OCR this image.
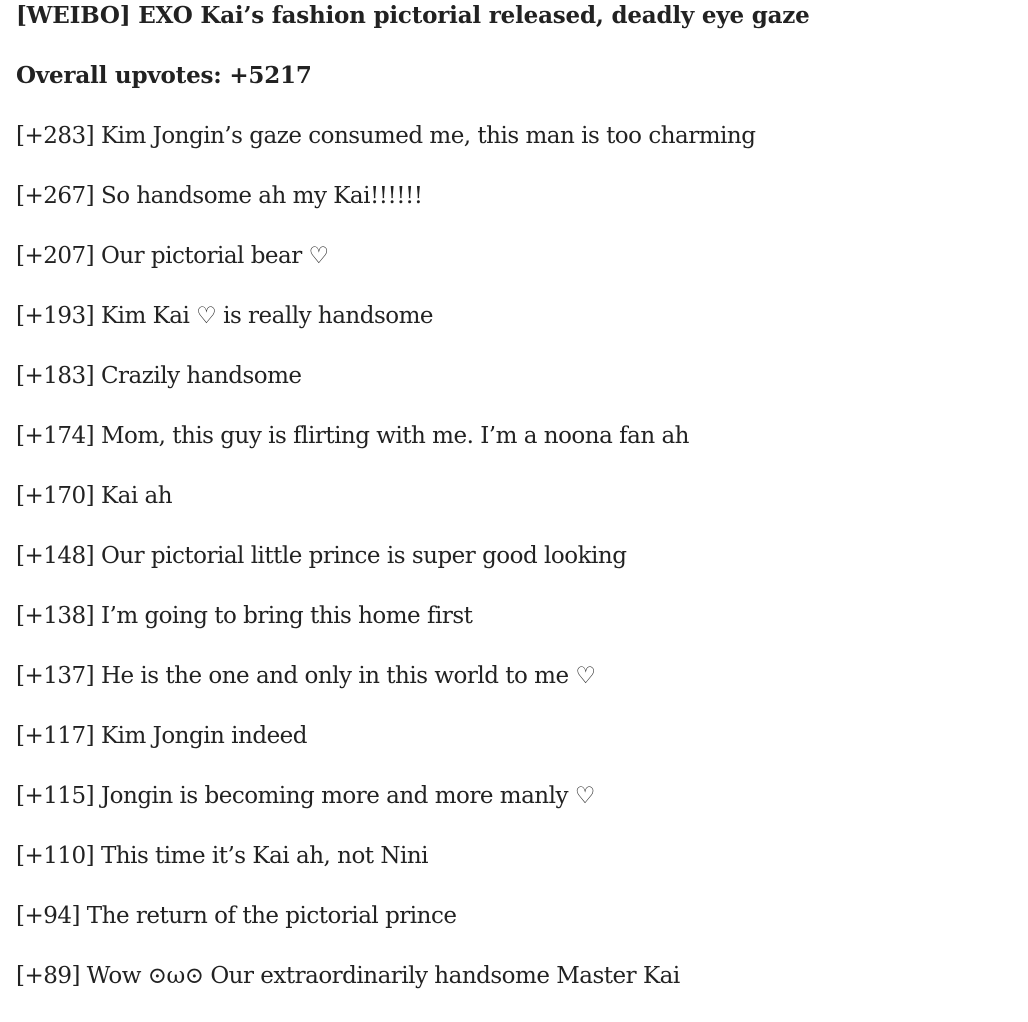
[WEIBO] EXO Kai’s fashion pictorial released, deadly eye gaze
Overall upvotes: +5217
[+283] Kim Jongin’s gaze consumed me, this man is too charming
[+267] So handsome ah my Kai!!!!!!
[+207] Our pictorial bear ♡
[+193] Kim Kai ♡ is really handsome
[+183] Crazily handsome
[+174] Mom, this guy is flirting with me. I’m a noona fan ah
[+170] Kai ah
[+148] Our pictorial little prince is super good looking
[+138] I’m going to bring this home first
[+137] He is the one and only in this world to me ♡
[+117] Kim Jongin indeed
[+115] Jongin is becoming more and more manly ♡
[+110] This time it’s Kai ah, not Nini
[+94] The return of the pictorial prince
[+89] Wow ⊙ω⊙ Our extraordinarily handsome Master Kai
